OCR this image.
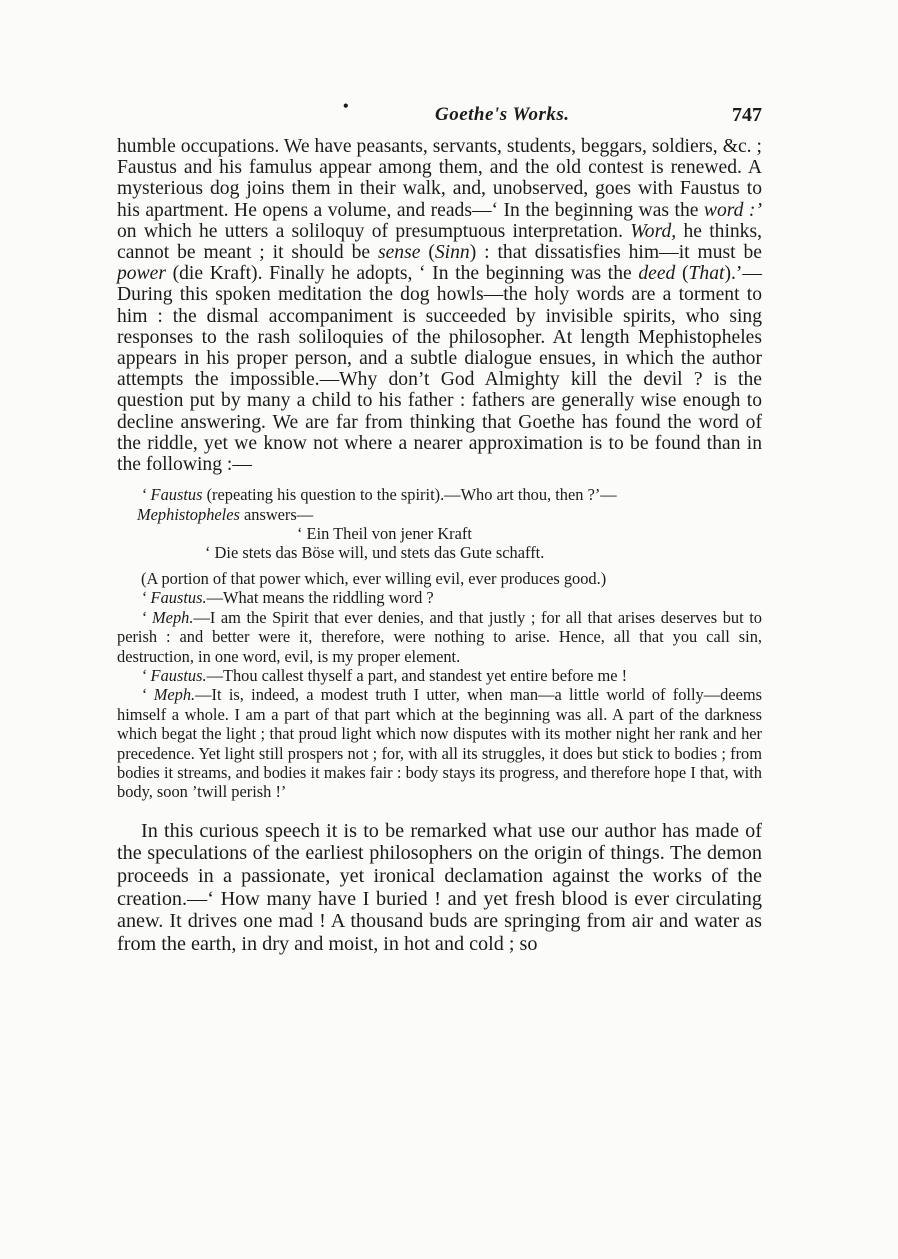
•	Goethe's Works.	747

humble occupations. We have peasants, servants, students, beggars, soldiers, &c. ; Faustus and his famulus appear among them, and the old contest is renewed. A mysterious dog joins them in their walk, and, unobserved, goes with Faustus to his apartment. He opens a volume, and reads—‘ In the beginning was the word :’ on which he utters a soliloquy of presumptuous interpretation. Word, he thinks, cannot be meant ; it should be sense (Sinn) : that dissatisfies him—it must be power (die Kraft). Finally he adopts, ‘ In the beginning was the deed (That).’— During this spoken meditation the dog howls—the holy words are a torment to him : the dismal accompaniment is succeeded by invisible spirits, who sing responses to the rash soliloquies of the philosopher. At length Mephistopheles appears in his proper person, and a subtle dialogue ensues, in which the author attempts the impossible.—Why don’t God Almighty kill the devil ? is the question put by many a child to his father : fathers are generally wise enough to decline answering. We are far from thinking that Goethe has found the word of the riddle, yet we know not where a nearer approximation is to be found than in the following :—

‘ Faustus (repeating his question to the spirit).—Who art thou, then ?’—

Mephistopheles answers—

‘ Ein Theil von jener Kraft

‘ Die stets das Böse will, und stets das Gute schafft.

(A portion of that power which, ever willing evil, ever produces good.)

‘ Faustus.—What means the riddling word ?

‘ Meph.—I am the Spirit that ever denies, and that justly ; for all that arises deserves but to perish : and better were it, therefore, were nothing to arise. Hence, all that you call sin, destruction, in one word, evil, is my proper element.

‘ Faustus.—Thou callest thyself a part, and standest yet entire before me !

‘ Meph.—It is, indeed, a modest truth I utter, when man—a little world of folly—deems himself a whole. I am a part of that part which at the beginning was all. A part of the darkness which begat the light ; that proud light which now disputes with its mother night her rank and her precedence. Yet light still prospers not ; for, with all its struggles, it does but stick to bodies ; from bodies it streams, and bodies it makes fair : body stays its progress, and therefore hope I that, with body, soon ’twill perish !’

In this curious speech it is to be remarked what use our author has made of the speculations of the earliest philosophers on the origin of things. The demon proceeds in a passionate, yet ironical declamation against the works of the creation.—‘ How many have I buried ! and yet fresh blood is ever circulating anew. It drives one mad ! A thousand buds are springing from air and water as from the earth, in dry and moist, in hot and cold ; so
